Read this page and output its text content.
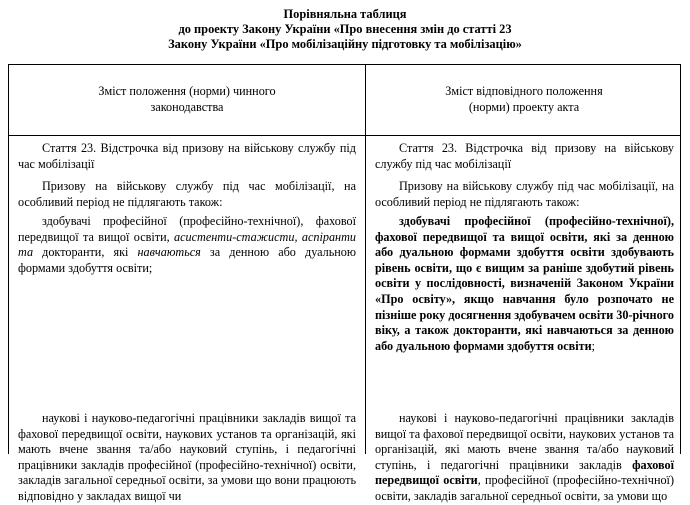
Порівняльна таблиця
до проекту Закону України «Про внесення змін до статті 23
Закону України «Про мобілізаційну підготовку та мобілізацію»
Зміст положення (норми) чинного
законодавства
Зміст відповідного положення
(норми) проекту акта

Стаття 23. Відстрочка від призову на військову службу під час мобілізації

Призову на військову службу під час мобілізації, на особливий період не підлягають також:

здобувачі професійної (професійно-технічної), фахової передвищої та вищої освіти, асистенти-стажисти, аспіранти та докторанти, які навчаються за денною або дуальною формами здобуття освіти;

наукові і науково-педагогічні працівники закладів вищої та фахової передвищої освіти, наукових установ та організацій, які мають вчене звання та/або науковий ступінь, і педагогічні працівники закладів професійної (професійно-технічної) освіти, закладів загальної середньої освіти, за умови що вони працюють відповідно у закладах вищої чи

Стаття 23. Відстрочка від призову на військову службу під час мобілізації

Призову на військову службу під час мобілізації, на особливий період не підлягають також:

здобувачі професійної (професійно-технічної), фахової передвищої та вищої освіти, які за денною або дуальною формами здобуття освіти здобувають рівень освіти, що є вищим за раніше здобутий рівень освіти у послідовності, визначеній Законом України «Про освіту», якщо навчання було розпочато не пізніше року досягнення здобувачем освіти 30-річного віку, а також докторанти, які навчаються за денною або дуальною формами здобуття освіти;

наукові і науково-педагогічні працівники закладів вищої та фахової передвищої освіти, наукових установ та організацій, які мають вчене звання та/або науковий ступінь, і педагогічні працівники закладів фахової передвищої освіти, професійної (професійно-технічної) освіти, закладів загальної середньої освіти, за умови що
